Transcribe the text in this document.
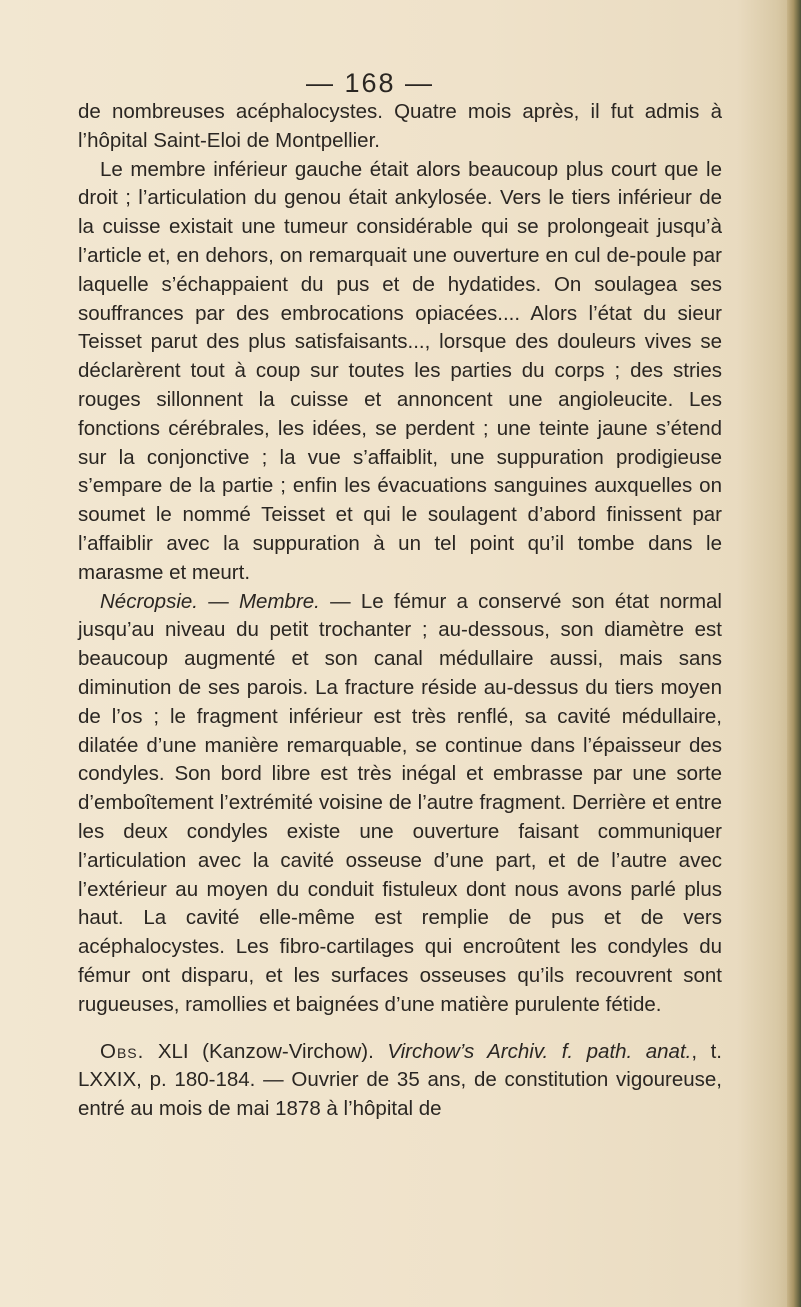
— 168 —

de nombreuses acéphalocystes. Quatre mois après, il fut admis à l’hôpital Saint-Eloi de Montpellier.

Le membre inférieur gauche était alors beaucoup plus court que le droit ; l’articulation du genou était ankylosée. Vers le tiers inférieur de la cuisse existait une tumeur considérable qui se prolongeait jusqu’à l’article et, en dehors, on remarquait une ouverture en cul de-poule par laquelle s’échappaient du pus et de hydatides. On soulagea ses souffrances par des embrocations opiacées.... Alors l’état du sieur Teisset parut des plus satisfaisants..., lorsque des douleurs vives se déclarèrent tout à coup sur toutes les parties du corps ; des stries rouges sillonnent la cuisse et annoncent une angioleucite. Les fonctions cérébrales, les idées, se perdent ; une teinte jaune s’étend sur la conjonctive ; la vue s’affaiblit, une suppuration prodigieuse s’empare de la partie ; enfin les évacuations sanguines auxquelles on soumet le nommé Teisset et qui le soulagent d’abord finissent par l’affaiblir avec la suppuration à un tel point qu’il tombe dans le marasme et meurt.

Nécropsie. — Membre. — Le fémur a conservé son état normal jusqu’au niveau du petit trochanter ; au-dessous, son diamètre est beaucoup augmenté et son canal médullaire aussi, mais sans diminution de ses parois. La fracture réside au-dessus du tiers moyen de l’os ; le fragment inférieur est très renflé, sa cavité médullaire, dilatée d’une manière remarquable, se continue dans l’épaisseur des condyles. Son bord libre est très inégal et embrasse par une sorte d’emboîtement l’extrémité voisine de l’autre fragment. Derrière et entre les deux condyles existe une ouverture faisant communiquer l’articulation avec la cavité osseuse d’une part, et de l’autre avec l’extérieur au moyen du conduit fistuleux dont nous avons parlé plus haut. La cavité elle-même est remplie de pus et de vers acéphalocystes. Les fibro-cartilages qui encroûtent les condyles du fémur ont disparu, et les surfaces osseuses qu’ils recouvrent sont rugueuses, ramollies et baignées d’une matière purulente fétide.

Obs. XLI (Kanzow-Virchow). Virchow’s Archiv. f. path. anat., t. LXXIX, p. 180-184. — Ouvrier de 35 ans, de constitution vigoureuse, entré au mois de mai 1878 à l’hôpital de
